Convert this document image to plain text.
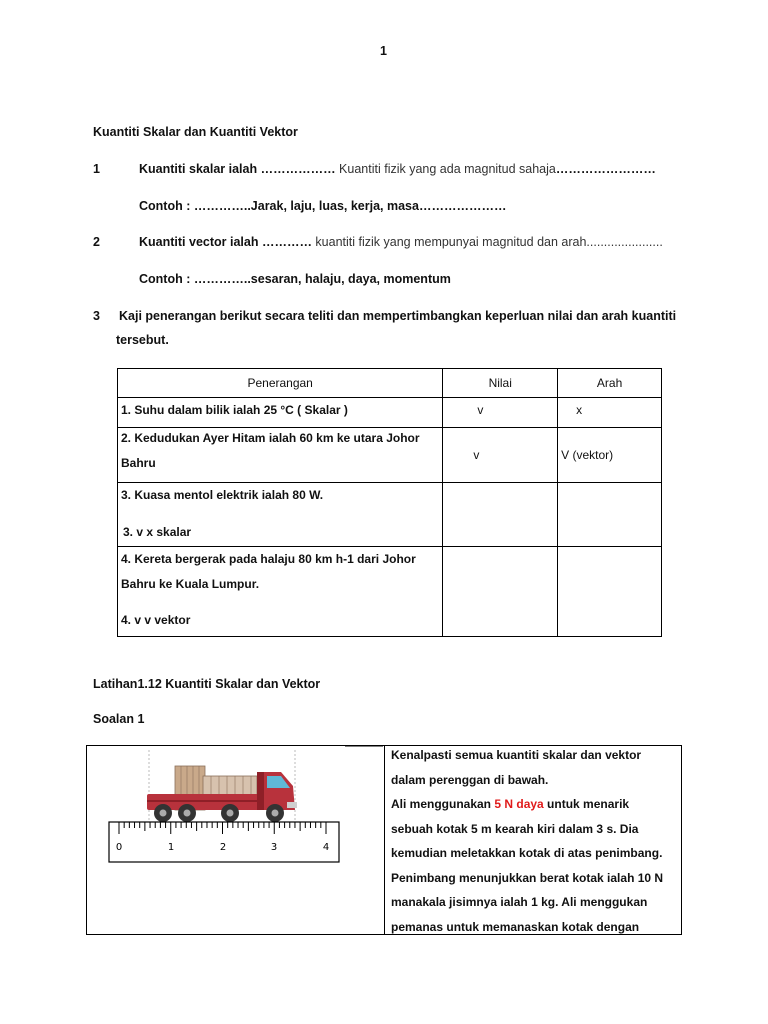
1
Kuantiti Skalar dan Kuantiti Vektor
1	Kuantiti skalar ialah ……………… Kuantiti fizik yang ada magnitud sahaja……………………
Contoh : …………..Jarak, laju, luas, kerja, masa…………………
2	Kuantiti vector ialah ………… kuantiti fizik yang mempunyai magnitud dan arah......................
Contoh : …………..sesaran, halaju, daya, momentum
3 Kaji penerangan berikut secara teliti dan mempertimbangkan keperluan nilai dan arah kuantiti
tersebut.
Penerangan	Nilai	Arah

1. Suhu dalam bilik ialah 25 °C ( Skalar )	v	x

2. Kedudukan Ayer Hitam ialah 60 km ke utara Johor
Bahru	v	V (vektor)

3. Kuasa mentol elektrik ialah 80 W.
3. v x skalar		

4. Kereta bergerak pada halaju 80 km h-1 dari Johor
Bahru ke Kuala Lumpur.
4. v v vektor		

Latihan1.12 Kuantiti Skalar dan Vektor
Soalan 1
0	1	2	3	4
Kenalpasti semua kuantiti skalar dan vektor
dalam perenggan di bawah.
Ali menggunakan 5 N daya untuk menarik
sebuah kotak 5 m kearah kiri dalam 3 s. Dia
kemudian meletakkan kotak di atas penimbang.
Penimbang menunjukkan berat kotak ialah 10 N
manakala jisimnya ialah 1 kg. Ali menggukan
pemanas untuk memanaskan kotak dengan
